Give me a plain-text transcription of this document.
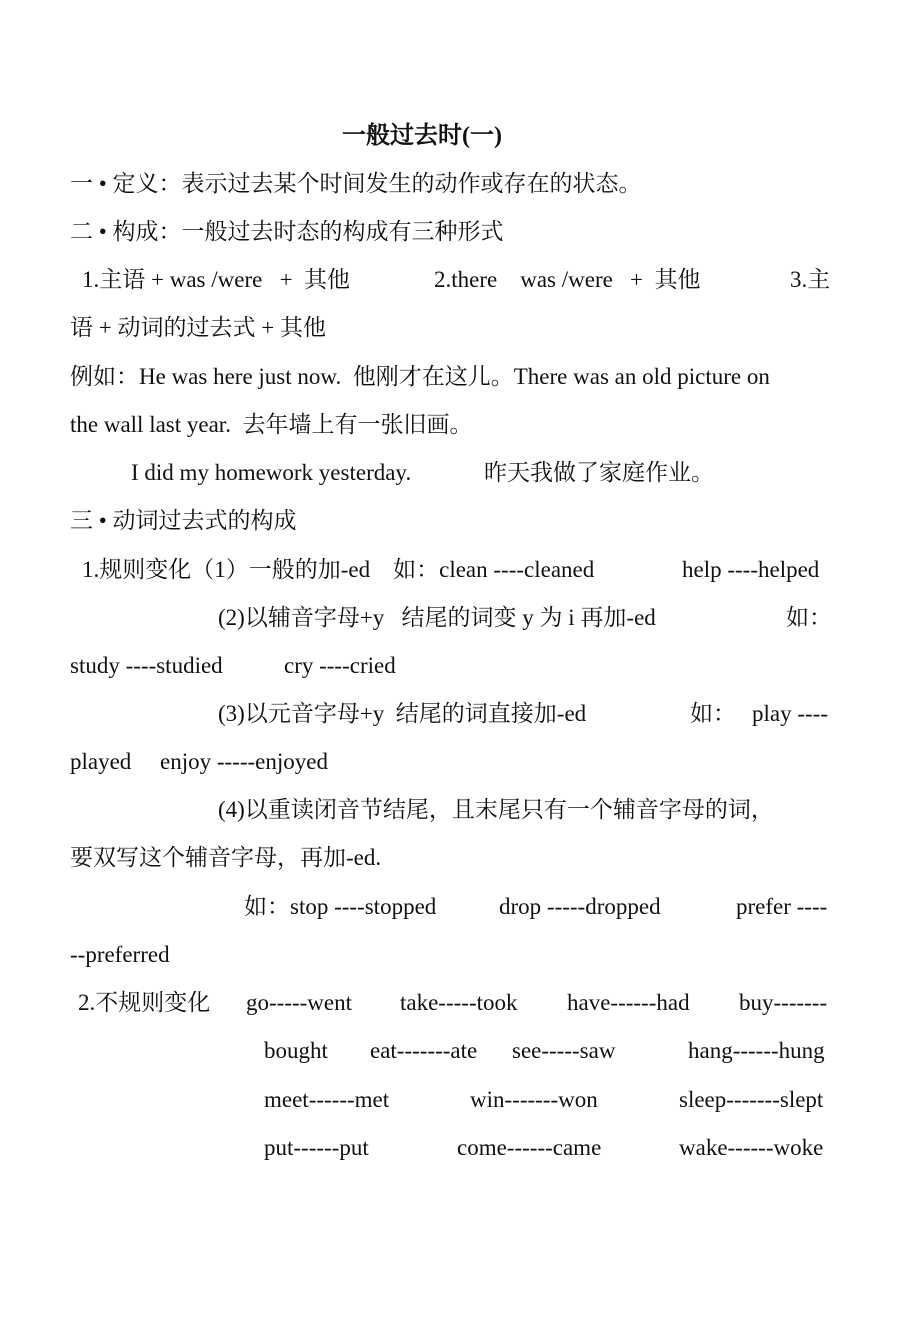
一般过去时(一)

一 • 定义：表示过去某个时间发生的动作或存在的状态。

二 • 构成：一般过去时态的构成有三种形式

1.主语 + was /were   +  其他

	2.there    was /were   +  其他

	3.主

语 + 动词的过去式 + 其他

例如：He was here just now.  他刚才在这儿。There was an old picture on

the wall last year.  去年墙上有一张旧画。

I did my homework yesterday.

	昨天我做了家庭作业。

三 • 动词过去式的构成

1.规则变化（1）一般的加-ed    如：clean ----cleaned

	help ----helped

(2)以辅音字母+y   结尾的词变 y 为 i 再加-ed

	如：

study ----studied

	cry ----cried

(3)以元音字母+y  结尾的词直接加-ed

	如：

play ----

played

enjoy -----enjoyed

(4)以重读闭音节结尾，且末尾只有一个辅音字母的词，

要双写这个辅音字母，再加-ed.

如：stop ----stopped

	drop -----dropped

	prefer ----

--preferred

2.不规则变化

go-----went

take-----took

have------had

buy-------

bought

eat-------ate

see-----saw

	hang------hung

meet------met

	win-------won

	sleep-------slept

put------put

	come------came

	wake------woke
